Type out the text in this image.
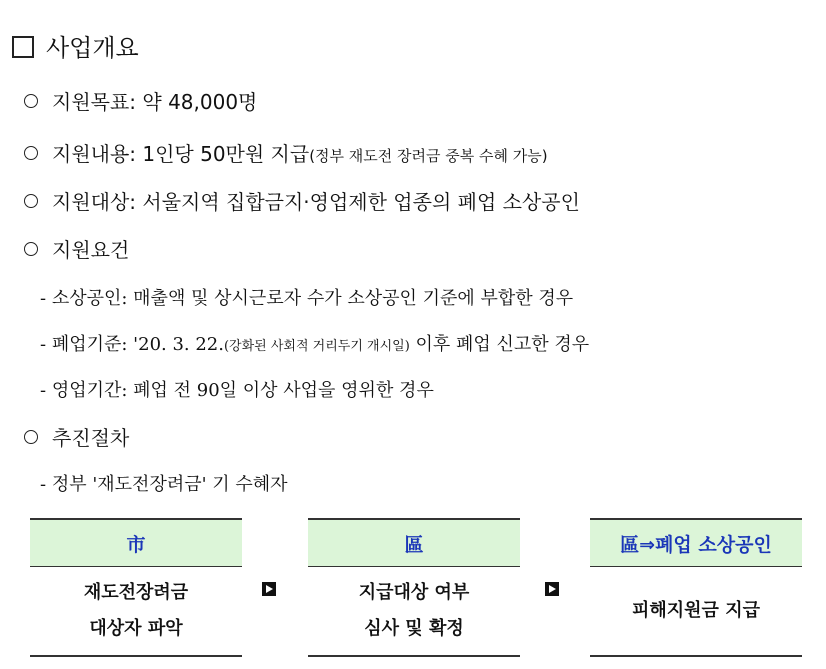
사업개요
지원목표: 약 48,000명
지원내용: 1인당 50만원 지급(정부 재도전 장려금 중복 수혜 가능)
지원대상: 서울지역 집합금지·영업제한 업종의 폐업 소상공인
지원요건
- 소상공인: 매출액 및 상시근로자 수가 소상공인 기준에 부합한 경우
- 폐업기준: '20. 3. 22.(강화된 사회적 거리두기 개시일) 이후 폐업 신고한 경우
- 영업기간: 폐업 전 90일 이상 사업을 영위한 경우
추진절차
- 정부 '재도전장려금' 기 수혜자
市
재도전장려금
대상자 파악
區
지급대상 여부
심사 및 확정
區⇒폐업 소상공인
피해지원금 지급
